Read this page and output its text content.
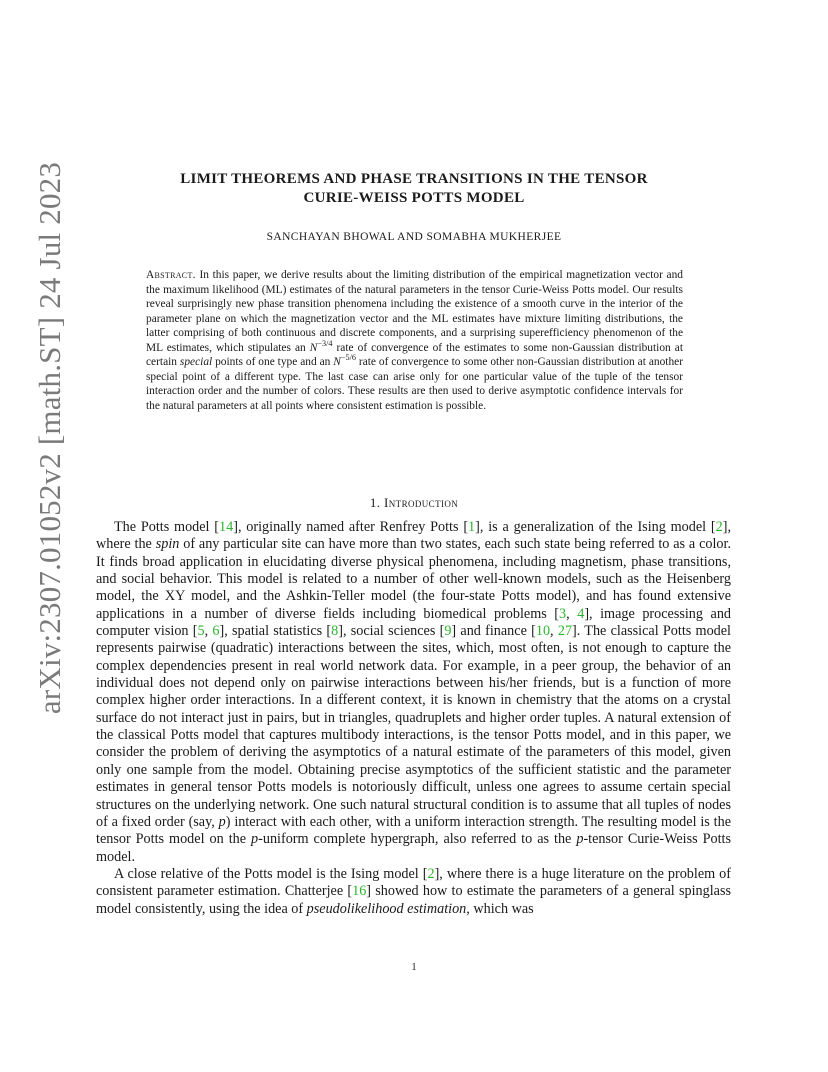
arXiv:2307.01052v2 [math.ST] 24 Jul 2023	LIMIT THEOREMS AND PHASE TRANSITIONS IN THE TENSOR
CURIE-WEISS POTTS MODEL
SANCHAYAN BHOWAL AND SOMABHA MUKHERJEE
Abstract. In this paper, we derive results about the limiting distribution of the empirical magnetization vector and the maximum likelihood (ML) estimates of the natural parameters in the tensor Curie-Weiss Potts model. Our results reveal surprisingly new phase transition phenomena including the existence of a smooth curve in the interior of the parameter plane on which the magnetization vector and the ML estimates have mixture limiting distributions, the latter comprising of both continuous and discrete components, and a surprising superefficiency phenomenon of the ML estimates, which stipulates an $N^{-3/4}$ rate of convergence of the estimates to some non-Gaussian distribution at certain special points of one type and an $N^{-5/6}$ rate of convergence to some other non-Gaussian distribution at another special point of a different type. The last case can arise only for one particular value of the tuple of the tensor interaction order and the number of colors. These results are then used to derive asymptotic confidence intervals for the natural parameters at all points where consistent estimation is possible.
1. Introduction

The Potts model [14], originally named after Renfrey Potts [1], is a generalization of the Ising model [2], where the spin of any particular site can have more than two states, each such state being referred to as a color. It finds broad application in elucidating diverse physical phenomena, including magnetism, phase transitions, and social behavior. This model is related to a number of other well-known models, such as the Heisenberg model, the XY model, and the Ashkin-Teller model (the four-state Potts model), and has found extensive applications in a number of diverse fields including biomedical problems [3, 4], image processing and computer vision [5, 6], spatial statistics [8], social sciences [9] and finance [10, 27]. The classical Potts model represents pairwise (quadratic) interactions between the sites, which, most often, is not enough to capture the complex dependencies present in real world network data. For example, in a peer group, the behavior of an individual does not depend only on pairwise interactions between his/her friends, but is a function of more complex higher order interactions. In a different context, it is known in chemistry that the atoms on a crystal surface do not interact just in pairs, but in triangles, quadruplets and higher order tuples. A natural extension of the classical Potts model that captures multibody interactions, is the tensor Potts model, and in this paper, we consider the problem of deriving the asymptotics of a natural estimate of the parameters of this model, given only one sample from the model. Obtaining precise asymptotics of the sufficient statistic and the parameter estimates in general tensor Potts models is notoriously difficult, unless one agrees to assume certain special structures on the underlying network. One such natural structural condition is to assume that all tuples of nodes of a fixed order (say, p) interact with each other, with a uniform interaction strength. The resulting model is the tensor Potts model on the p-uniform complete hypergraph, also referred to as the p-tensor Curie-Weiss Potts model.

A close relative of the Potts model is the Ising model [2], where there is a huge literature on the problem of consistent parameter estimation. Chatterjee [16] showed how to estimate the parameters of a general spinglass model consistently, using the idea of pseudolikelihood estimation, which was

1
